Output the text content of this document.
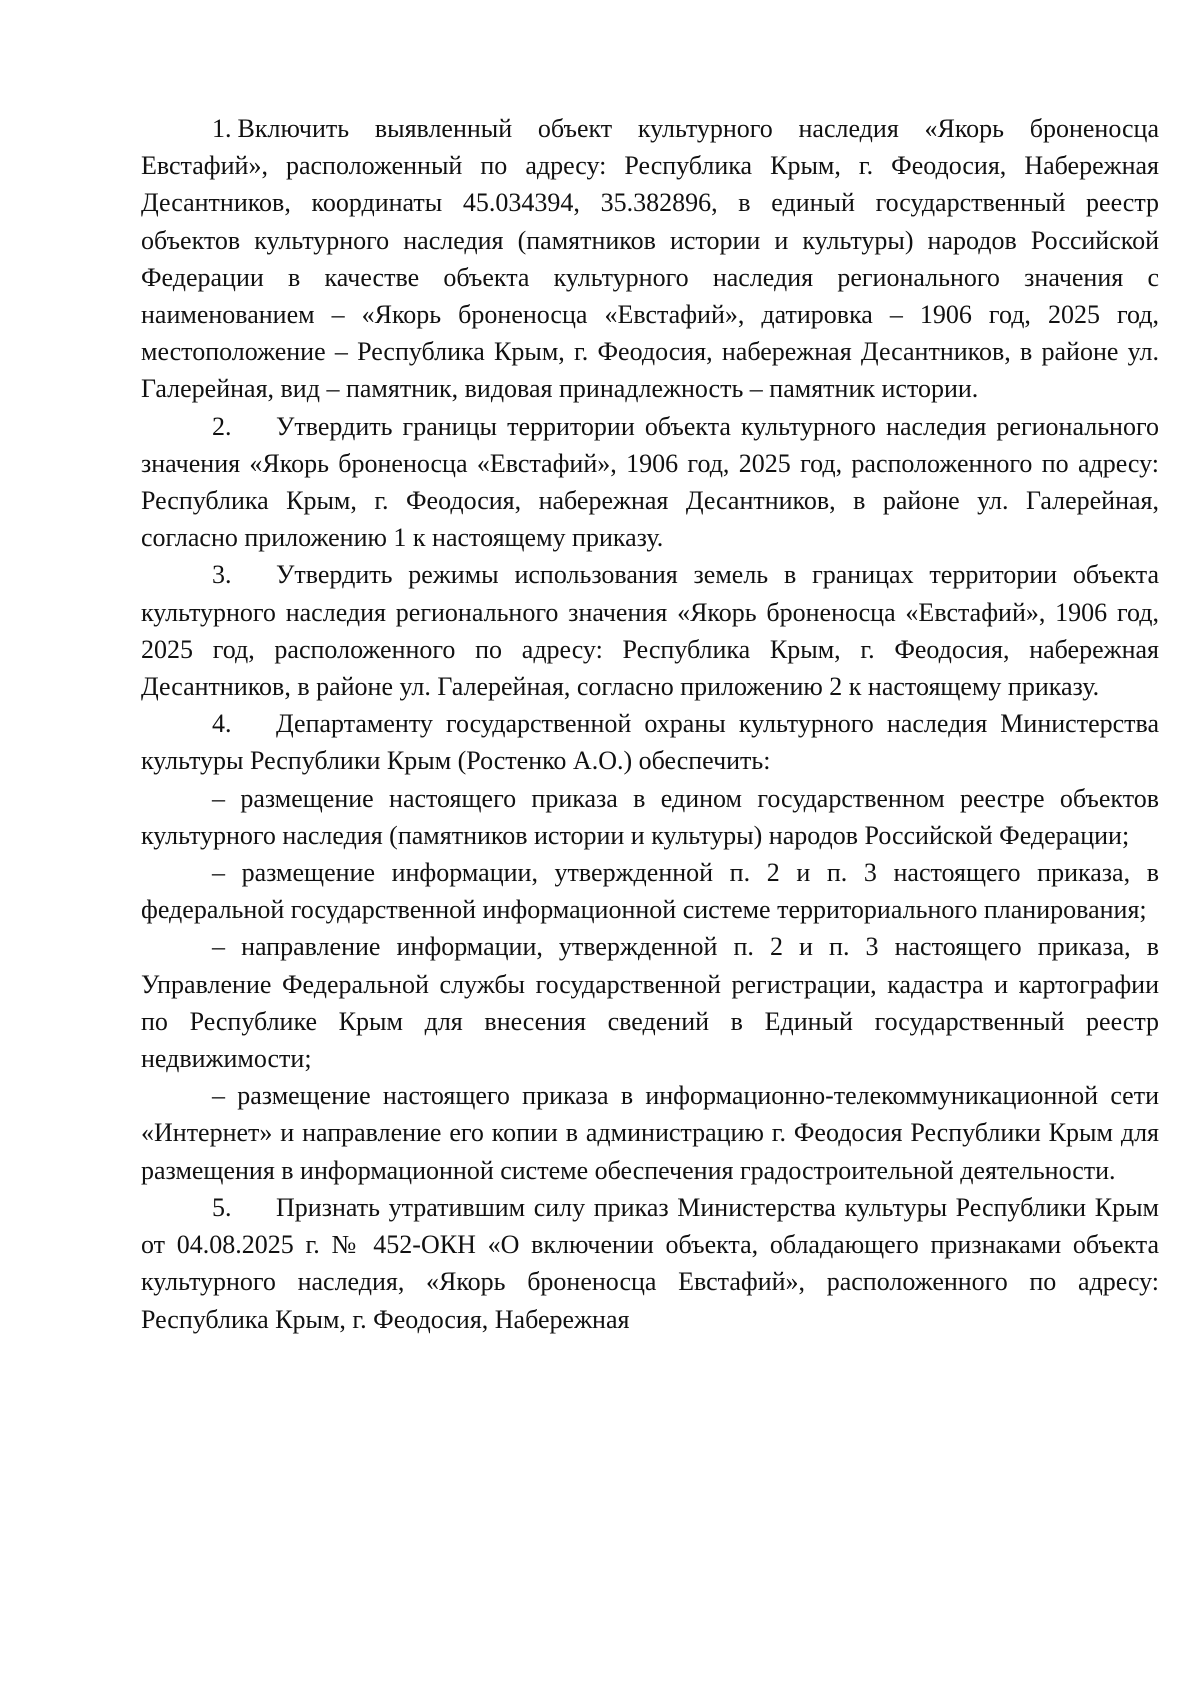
1. Включить выявленный объект культурного наследия «Якорь броненосца Евстафий», расположенный по адресу: Республика Крым, г. Феодосия, Набережная Десантников, координаты 45.034394, 35.382896, в единый государственный реестр объектов культурного наследия (памятников истории и культуры) народов Российской Федерации в качестве объекта культурного наследия регионального значения с наименованием – «Якорь броненосца «Евстафий», датировка – 1906 год, 2025 год, местоположение – Республика Крым, г. Феодосия, набережная Десантников, в районе ул. Галерейная, вид – памятник, видовая принадлежность – памятник истории.

2. Утвердить границы территории объекта культурного наследия регионального значения «Якорь броненосца «Евстафий», 1906 год, 2025 год, расположенного по адресу: Республика Крым, г. Феодосия, набережная Десантников, в районе ул. Галерейная, согласно приложению 1 к настоящему приказу.

3. Утвердить режимы использования земель в границах территории объекта культурного наследия регионального значения «Якорь броненосца «Евстафий», 1906 год, 2025 год, расположенного по адресу: Республика Крым, г. Феодосия, набережная Десантников, в районе ул. Галерейная, согласно приложению 2 к настоящему приказу.

4. Департаменту государственной охраны культурного наследия Министерства культуры Республики Крым (Ростенко А.О.) обеспечить:

– размещение настоящего приказа в едином государственном реестре объектов культурного наследия (памятников истории и культуры) народов Российской Федерации;

– размещение информации, утвержденной п. 2 и п. 3 настоящего приказа, в федеральной государственной информационной системе территориального планирования;

– направление информации, утвержденной п. 2 и п. 3 настоящего приказа, в Управление Федеральной службы государственной регистрации, кадастра и картографии по Республике Крым для внесения сведений в Единый государственный реестр недвижимости;

– размещение настоящего приказа в информационно-телекоммуникационной сети «Интернет» и направление его копии в администрацию г. Феодосия Республики Крым для размещения в информационной системе обеспечения градостроительной деятельности.

5. Признать утратившим силу приказ Министерства культуры Республики Крым от 04.08.2025 г. № 452-ОКН «О включении объекта, обладающего признаками объекта культурного наследия, «Якорь броненосца Евстафий», расположенного по адресу: Республика Крым, г. Феодосия, Набережная
